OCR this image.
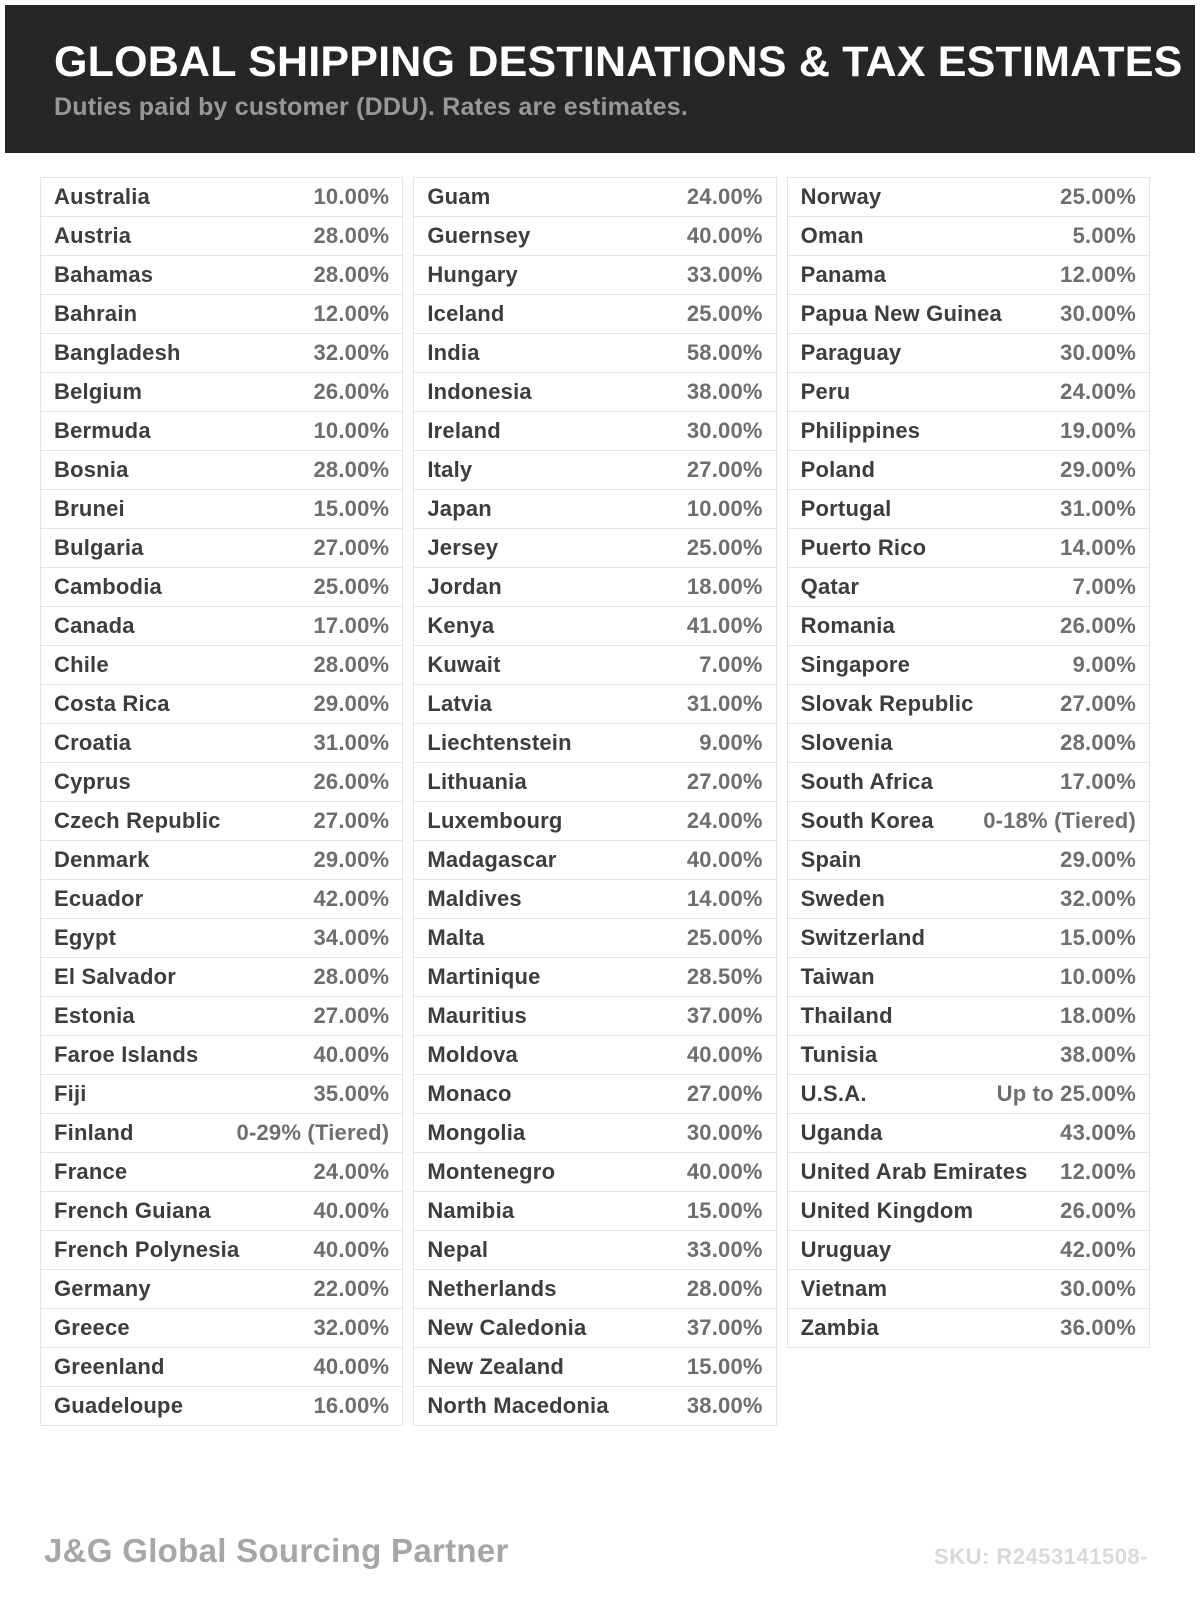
GLOBAL SHIPPING DESTINATIONS & TAX ESTIMATES
Duties paid by customer (DDU). Rates are estimates.
Australia	10.00%
Austria	28.00%
Bahamas	28.00%
Bahrain	12.00%
Bangladesh	32.00%
Belgium	26.00%
Bermuda	10.00%
Bosnia	28.00%
Brunei	15.00%
Bulgaria	27.00%
Cambodia	25.00%
Canada	17.00%
Chile	28.00%
Costa Rica	29.00%
Croatia	31.00%
Cyprus	26.00%
Czech Republic	27.00%
Denmark	29.00%
Ecuador	42.00%
Egypt	34.00%
El Salvador	28.00%
Estonia	27.00%
Faroe Islands	40.00%
Fiji	35.00%
Finland	0-29% (Tiered)
France	24.00%
French Guiana	40.00%
French Polynesia	40.00%
Germany	22.00%
Greece	32.00%
Greenland	40.00%
Guadeloupe	16.00%
Guam	24.00%
Guernsey	40.00%
Hungary	33.00%
Iceland	25.00%
India	58.00%
Indonesia	38.00%
Ireland	30.00%
Italy	27.00%
Japan	10.00%
Jersey	25.00%
Jordan	18.00%
Kenya	41.00%
Kuwait	7.00%
Latvia	31.00%
Liechtenstein	9.00%
Lithuania	27.00%
Luxembourg	24.00%
Madagascar	40.00%
Maldives	14.00%
Malta	25.00%
Martinique	28.50%
Mauritius	37.00%
Moldova	40.00%
Monaco	27.00%
Mongolia	30.00%
Montenegro	40.00%
Namibia	15.00%
Nepal	33.00%
Netherlands	28.00%
New Caledonia	37.00%
New Zealand	15.00%
North Macedonia	38.00%
Norway	25.00%
Oman	5.00%
Panama	12.00%
Papua New Guinea	30.00%
Paraguay	30.00%
Peru	24.00%
Philippines	19.00%
Poland	29.00%
Portugal	31.00%
Puerto Rico	14.00%
Qatar	7.00%
Romania	26.00%
Singapore	9.00%
Slovak Republic	27.00%
Slovenia	28.00%
South Africa	17.00%
South Korea 0-18% (Tiered)
Spain	29.00%
Sweden	32.00%
Switzerland	15.00%
Taiwan	10.00%
Thailand	18.00%
Tunisia	38.00%
U.S.A.	Up to 25.00%
Uganda	43.00%
United Arab Emirates 12.00%
United Kingdom	26.00%
Uruguay	42.00%
Vietnam	30.00%
Zambia	36.00%
J&G Global Sourcing Partner	SKU: R2453141508-
